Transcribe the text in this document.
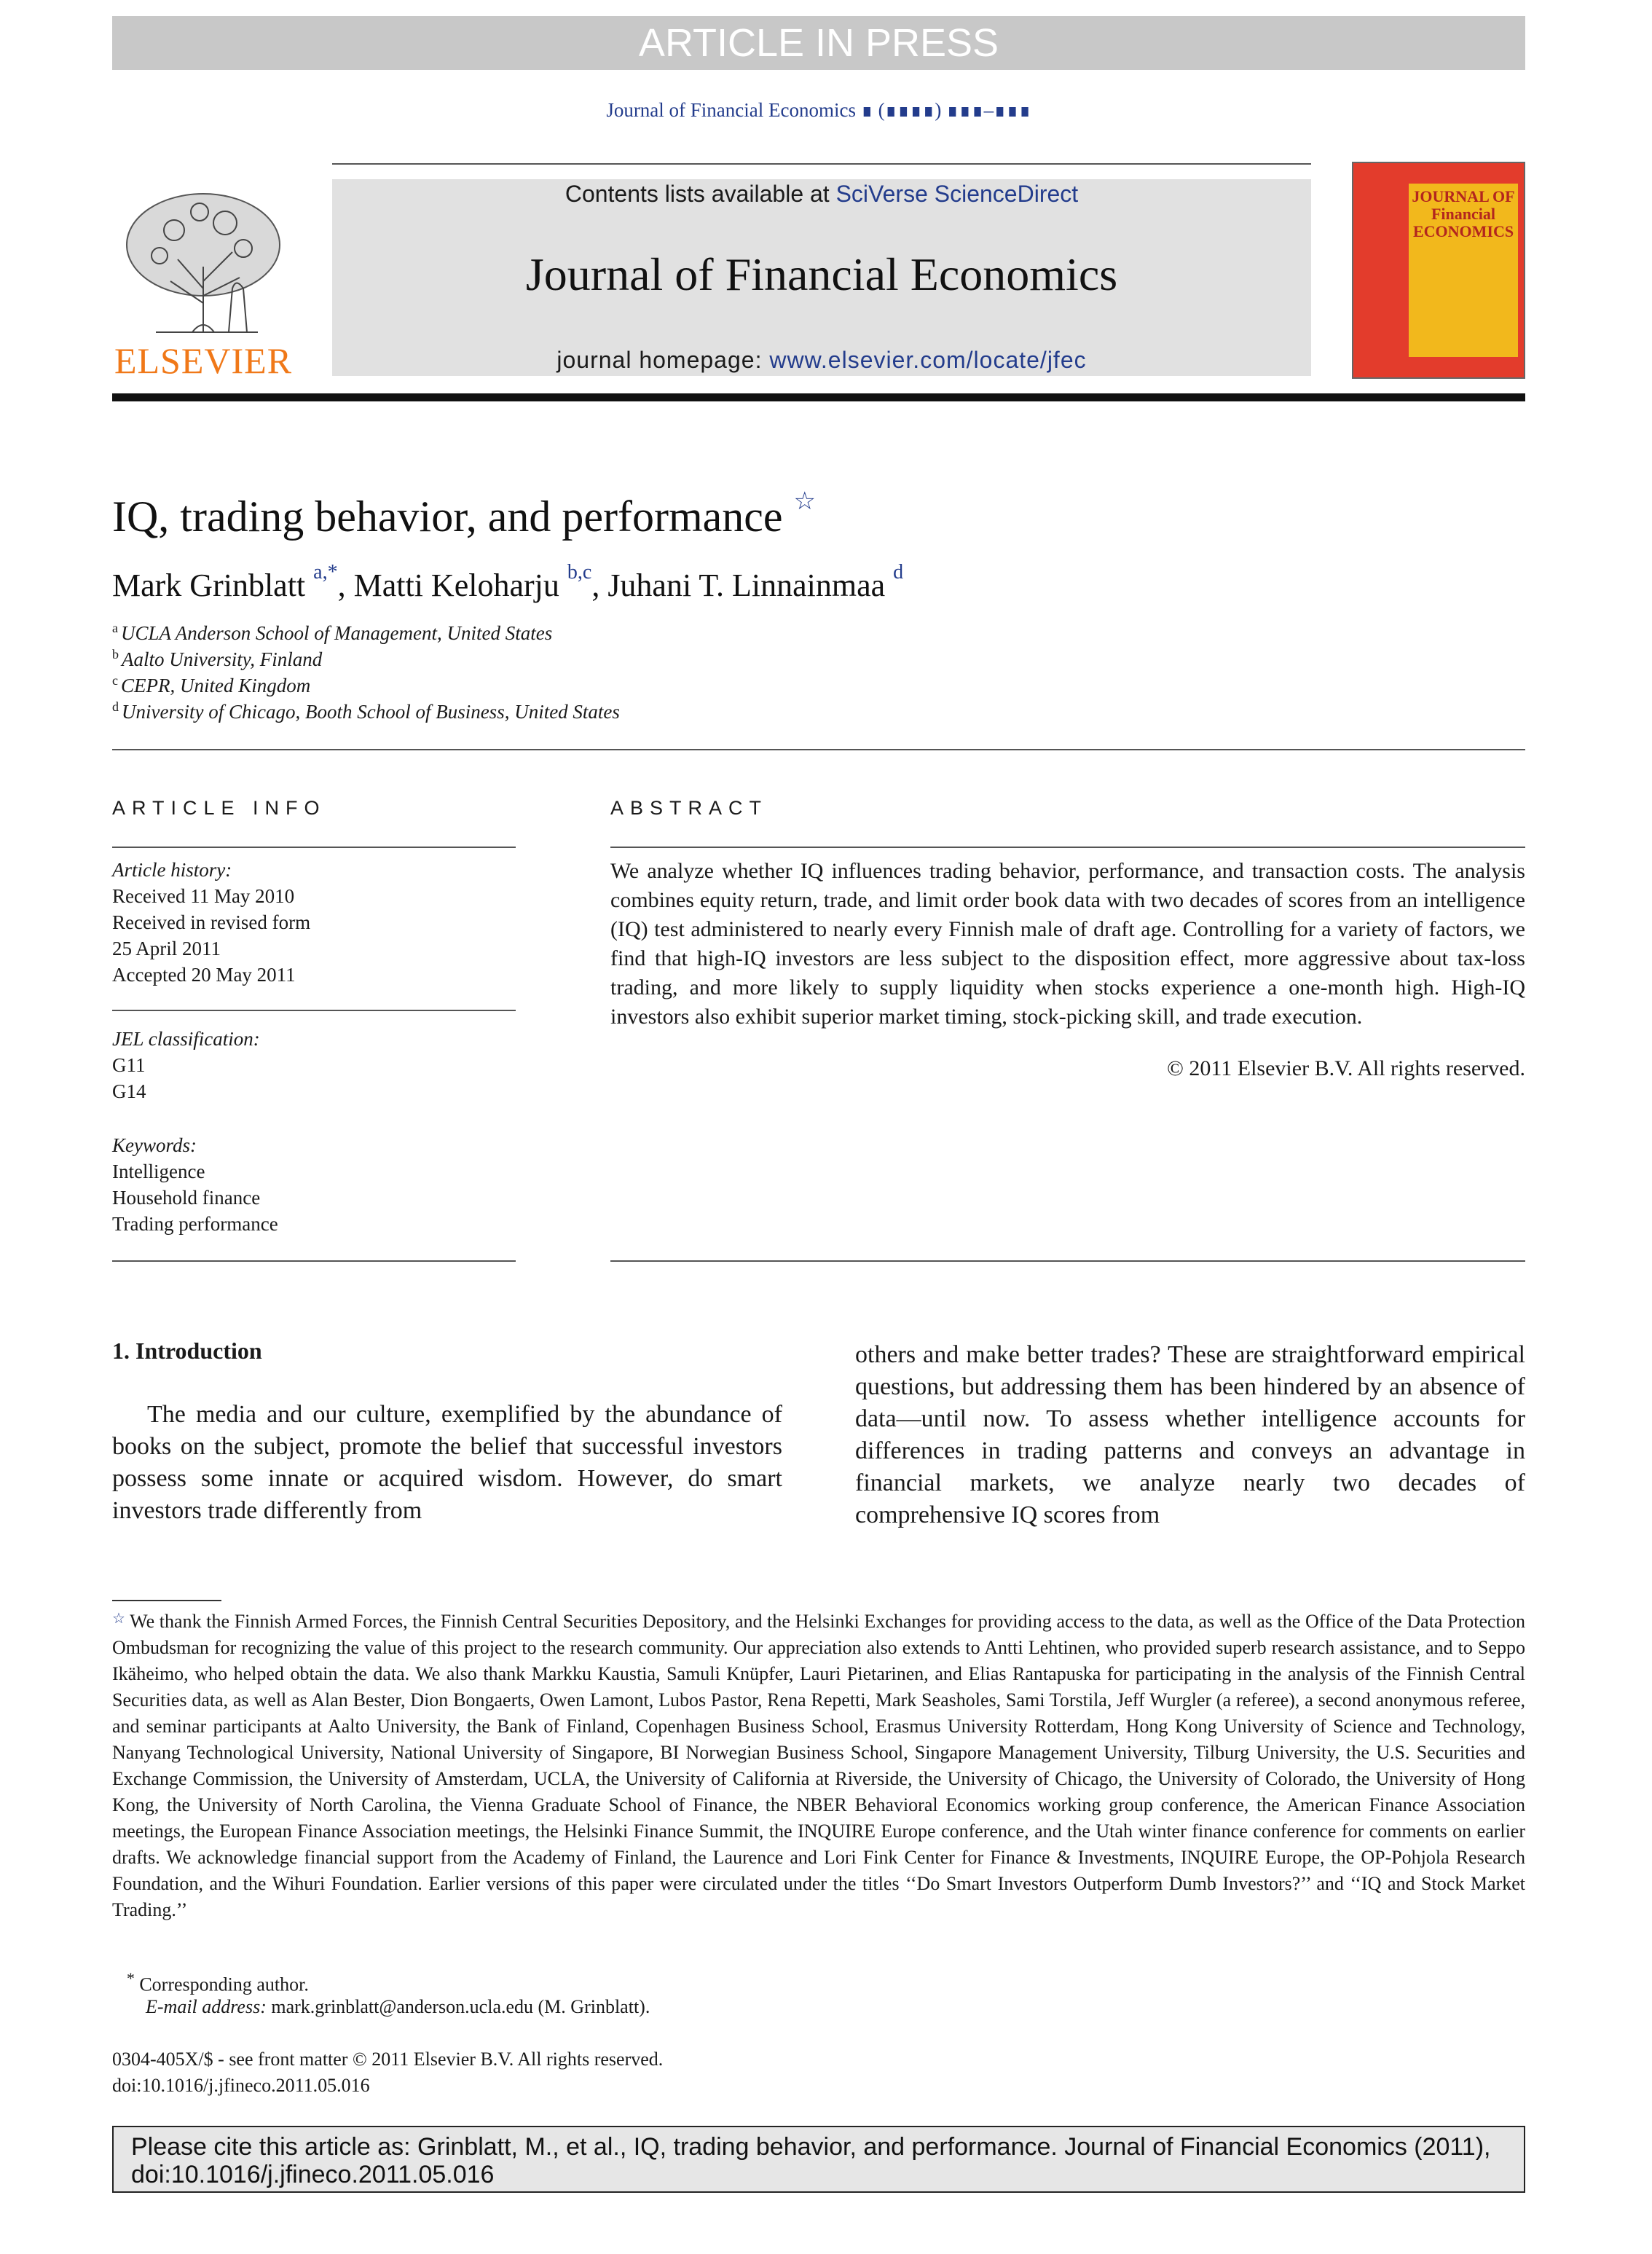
ARTICLE IN PRESS
Journal of Financial Economics ∎ (∎∎∎∎) ∎∎∎–∎∎∎
ELSEVIER
Contents lists available at SciVerse ScienceDirect
Journal of Financial Economics
journal homepage: www.elsevier.com/locate/jfec
JOURNAL OF Financial ECONOMICS
IQ, trading behavior, and performance ☆
Mark Grinblatt $^{a,*}$, Matti Keloharju $^{b,c}$, Juhani T. Linnainmaa $^d$
$^a$ UCLA Anderson School of Management, United States
$^b$ Aalto University, Finland
$^c$ CEPR, United Kingdom
$^d$ University of Chicago, Booth School of Business, United States
ARTICLE INFO
Article history:
Received 11 May 2010
Received in revised form
25 April 2011
Accepted 20 May 2011
JEL classification:
G11
G14
Keywords:
Intelligence
Household finance
Trading performance
ABSTRACT
We analyze whether IQ influences trading behavior, performance, and transaction costs. The analysis combines equity return, trade, and limit order book data with two decades of scores from an intelligence (IQ) test administered to nearly every Finnish male of draft age. Controlling for a variety of factors, we find that high-IQ investors are less subject to the disposition effect, more aggressive about tax-loss trading, and more likely to supply liquidity when stocks experience a one-month high. High-IQ investors also exhibit superior market timing, stock-picking skill, and trade execution.
© 2011 Elsevier B.V. All rights reserved.
1. Introduction
The media and our culture, exemplified by the abundance of books on the subject, promote the belief that successful investors possess some innate or acquired wisdom. However, do smart investors trade differently from
others and make better trades? These are straightforward empirical questions, but addressing them has been hindered by an absence of data—until now. To assess whether intelligence accounts for differences in trading patterns and conveys an advantage in financial markets, we analyze nearly two decades of comprehensive IQ scores from
☆ We thank the Finnish Armed Forces, the Finnish Central Securities Depository, and the Helsinki Exchanges for providing access to the data, as well as the Office of the Data Protection Ombudsman for recognizing the value of this project to the research community. Our appreciation also extends to Antti Lehtinen, who provided superb research assistance, and to Seppo Ikäheimo, who helped obtain the data. We also thank Markku Kaustia, Samuli Knüpfer, Lauri Pietarinen, and Elias Rantapuska for participating in the analysis of the Finnish Central Securities data, as well as Alan Bester, Dion Bongaerts, Owen Lamont, Lubos Pastor, Rena Repetti, Mark Seasholes, Sami Torstila, Jeff Wurgler (a referee), a second anonymous referee, and seminar participants at Aalto University, the Bank of Finland, Copenhagen Business School, Erasmus University Rotterdam, Hong Kong University of Science and Technology, Nanyang Technological University, National University of Singapore, BI Norwegian Business School, Singapore Management University, Tilburg University, the U.S. Securities and Exchange Commission, the University of Amsterdam, UCLA, the University of California at Riverside, the University of Chicago, the University of Colorado, the University of Hong Kong, the University of North Carolina, the Vienna Graduate School of Finance, the NBER Behavioral Economics working group conference, the American Finance Association meetings, the European Finance Association meetings, the Helsinki Finance Summit, the INQUIRE Europe conference, and the Utah winter finance conference for comments on earlier drafts. We acknowledge financial support from the Academy of Finland, the Laurence and Lori Fink Center for Finance & Investments, INQUIRE Europe, the OP-Pohjola Research Foundation, and the Wihuri Foundation. Earlier versions of this paper were circulated under the titles ‘‘Do Smart Investors Outperform Dumb Investors?’’ and ‘‘IQ and Stock Market Trading.’’
* Corresponding author.
E-mail address: mark.grinblatt@anderson.ucla.edu (M. Grinblatt).
0304-405X/$ - see front matter © 2011 Elsevier B.V. All rights reserved.
doi:10.1016/j.jfineco.2011.05.016
Please cite this article as: Grinblatt, M., et al., IQ, trading behavior, and performance. Journal of Financial Economics (2011), doi:10.1016/j.jfineco.2011.05.016
